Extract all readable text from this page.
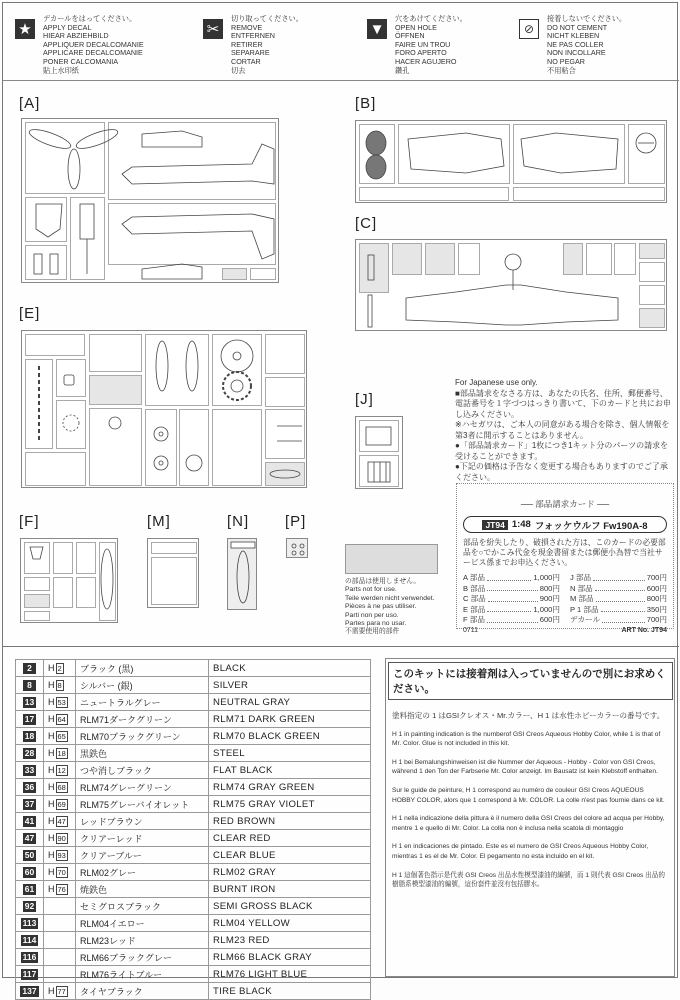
★
デカールをはってください。
APPLY DECAL
HIEAR ABZIEHBILD
APPLIQUER DECALCOMANIE
APPLICARE DECALCOMANIE
PONER CALCOMANIA
貼上水印紙
✂
切り取ってください。
REMOVE
ENTFERNEN
RETIRER
SEPARARE
CORTAR
切去
▼
穴をあけてください。
OPEN HOLE
ÖFFNEN
FAIRE UN TROU
FORO APERTO
HACER AGUJERO
鑽孔
⊘
接着しないでください。
DO NOT CEMENT
NICHT KLEBEN
NE PAS COLLER
NON INCOLLARE
NO PEGAR
不用粘合
[A]	[B]
[C]
[E]
[J]
For Japanese use only.
■部品請求をなさる方は、あなたの氏名、住所、郵便番号、電話番号を１字づつはっきり書いて、下のカードと共にお申し込みください。
※ハセガワは、ご本人の同意がある場合を除き、個人情報を第3者に開示することはありません。
●「部品請求カード」1枚につき1キット分のパーツの請求を受けることができます。
●下記の価格は予告なく変更する場合もありますのでご了承ください。
── 部品請求カード ──
JT94 1:48 フォッケウルフ Fw190A-8
部品を紛失したり、破損された方は、このカードの必要部品を○でかこみ代金を現金書留または郵便小為替で当社サービス係までお申込ください。
A 部品	1,000円 J 部品	700円
B 部品	800円 N 部品	600円
C 部品	900円 M 部品	800円
E 部品	1,000円 P 1 部品	350円
F 部品	600円 デカール	700円
0711	ART No. JT94
[F]	[M]	[N] [P]
の部品は使用しません。
Parts not for use.
Teile werden nicht verwendet.
Pièces à ne pas utiliser.
Parti non per uso.
Partes para no usar.
不需要使用的部件
2	H 2	ブラック (黒)	BLACK
8	H 8	シルバー (銀)	SILVER
13	H 53	ニュートラルグレー	NEUTRAL GRAY
17	H 64	RLM71ダークグリーン	RLM71 DARK GREEN
18	H 65	RLM70ブラックグリーン	RLM70 BLACK GREEN
28	H 18	黒鉄色	STEEL
33	H 12	つや消しブラック	FLAT BLACK
36	H 68	RLM74グレーグリーン	RLM74 GRAY GREEN
37	H 69	RLM75グレーバイオレット	RLM75 GRAY VIOLET
41	H 47	レッドブラウン	RED BROWN
47	H 90	クリアーレッド	CLEAR RED
50	H 93	クリアーブルー	CLEAR BLUE
60	H 70	RLM02グレー	RLM02 GRAY
61	H 76	焼鉄色	BURNT IRON
92		セミグロスブラック	SEMI GROSS BLACK
113		RLM04イエロー	RLM04 YELLOW
114		RLM23レッド	RLM23 RED
116		RLM66ブラックグレー	RLM66 BLACK GRAY
117		RLM76ライトブルー	RLM76 LIGHT BLUE
137	H 77	タイヤブラック	TIRE BLACK
このキットには接着剤は入っていませんので別にお求めください。
塗料指定の 1 はGSIクレオス・Mr.カラー、H 1 は水性ホビーカラーの番号です。
H 1 in painting indication is the numberof GSI Creos Aqueous Hobby Color, while 1 is that of Mr. Color. Glue is not included in this kit.
H 1 bei Bemalungshinweisen ist die Nummer der Aqueous - Hobby - Color von GSI Creos, während 1 den Ton der Farbserie Mr. Color anzeigt. Im Bausatz ist kein Klebstoff enthalten.
Sur le guide de peinture, H 1 correspond au numéro de couleur GSI Creos AQUEOUS HOBBY COLOR, alors que 1 correspond à Mr. COLOR. La colle n'est pas fournie dans ce kit.
H 1 nella indicazione della pittura è il numero della GSI Creos del colore ad acqua per Hobby, mentre 1 e quello di Mr. Color. La colla non è inclusa nella scatola di montaggio
H 1 en indicaciones de pintado. Este es el numero de GSI Creos Aqueous Hobby Color, mientras 1 es el de Mr. Color. El pegamento no esta incluido en el kit.
H 1 這個著色指示是代表 GSI Creos 出品水性模型漆油的編號，而 1 則代表 GSI Creos 出品的樹脂系模型漆油的編號，這份套件並沒有包括膠水。
